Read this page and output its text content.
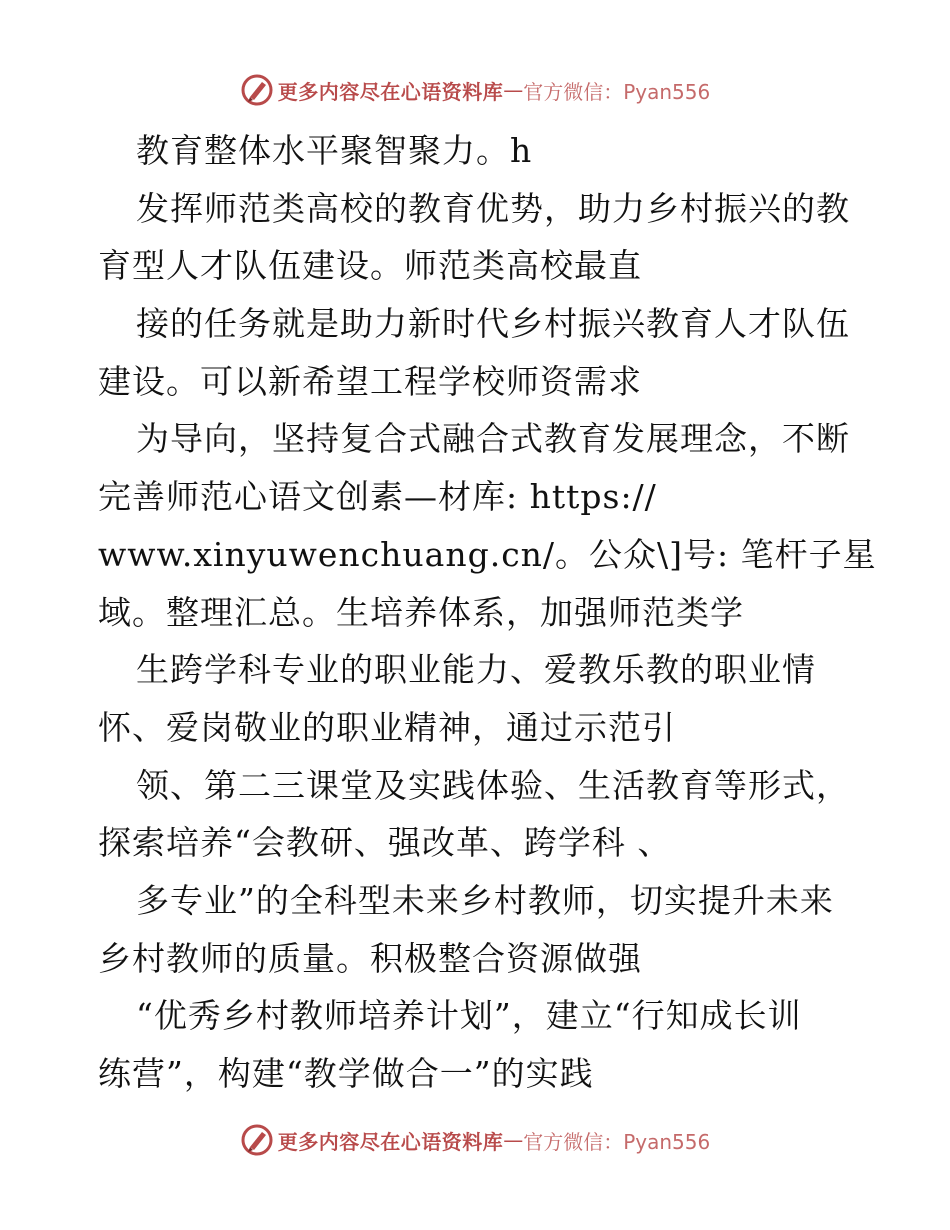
更多内容尽在心语资料库 — 官方微信：Pyan556
教育整体水平聚智聚力。h
发挥师范类高校的教育优势，助力乡村振兴的教
育型人才队伍建设。师范类高校最直
接的任务就是助力新时代乡村振兴教育人才队伍
建设。可以新希望工程学校师资需求
为导向，坚持复合式融合式教育发展理念，不断
完善师范心语文创素—材库: https://
www.xinyuwenchuang.cn/。公众\]号: 笔杆子星
域。整理汇总。生培养体系，加强师范类学
生跨学科专业的职业能力、爱教乐教的职业情
怀、爱岗敬业的职业精神，通过示范引
领、第二三课堂及实践体验、生活教育等形式，
探索培养“会教研、强改革、跨学科 、
多专业”的全科型未来乡村教师，切实提升未来
乡村教师的质量。积极整合资源做强
“优秀乡村教师培养计划”，建立“行知成长训
练营”，构建“教学做合一”的实践
更多内容尽在心语资料库 — 官方微信：Pyan556
